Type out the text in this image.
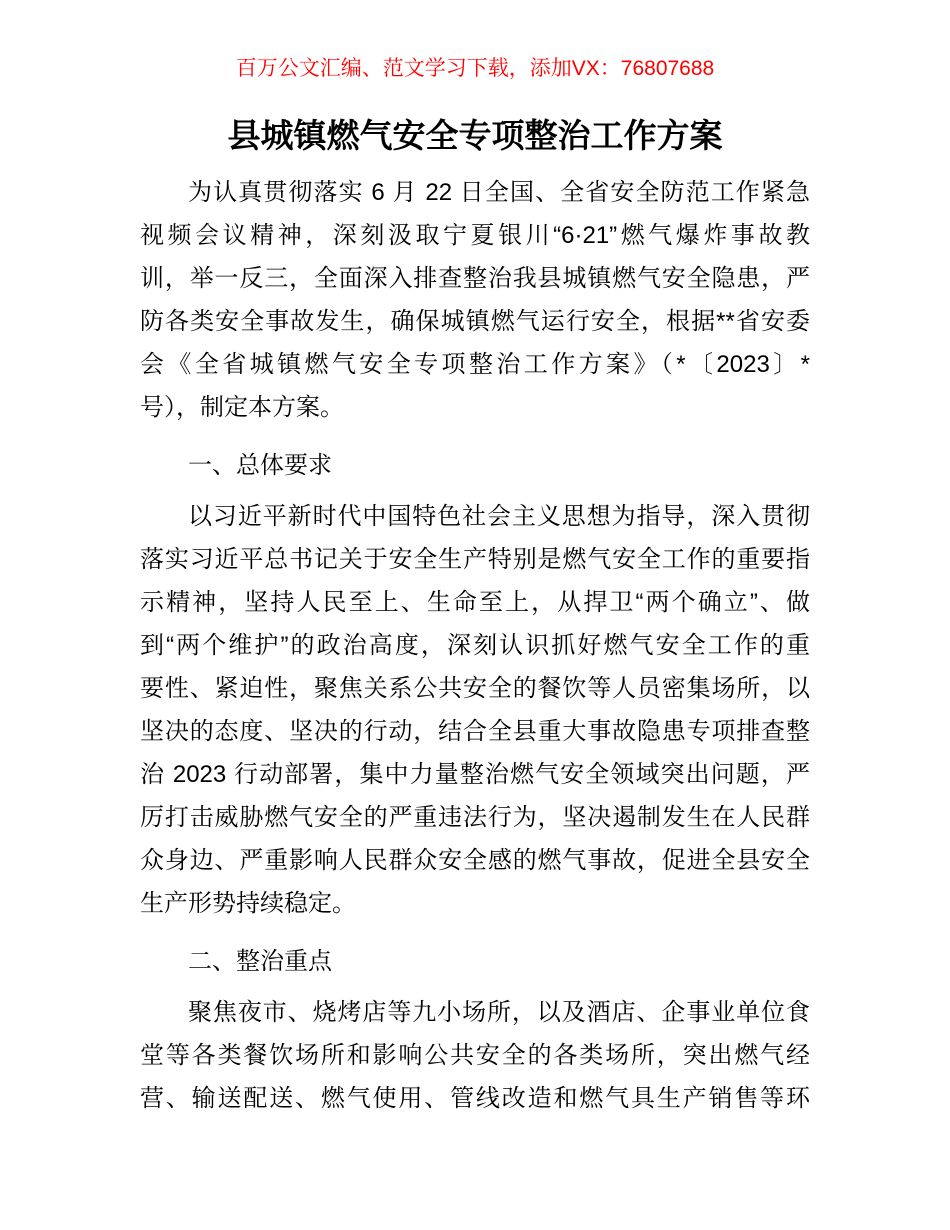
百万公文汇编、范文学习下载，添加VX：76807688
县城镇燃气安全专项整治工作方案
为认真贯彻落实 6 月 22 日全国、全省安全防范工作紧急
视频会议精神，深刻汲取宁夏银川“6·21”燃气爆炸事故教
训，举一反三，全面深入排查整治我县城镇燃气安全隐患，严
防各类安全事故发生，确保城镇燃气运行安全，根据**省安委
会《全省城镇燃气安全专项整治工作方案》（*〔2023〕*
号），制定本方案。
一、总体要求
以习近平新时代中国特色社会主义思想为指导，深入贯彻
落实习近平总书记关于安全生产特别是燃气安全工作的重要指
示精神，坚持人民至上、生命至上，从捍卫“两个确立”、做
到“两个维护”的政治高度，深刻认识抓好燃气安全工作的重
要性、紧迫性，聚焦关系公共安全的餐饮等人员密集场所，以
坚决的态度、坚决的行动，结合全县重大事故隐患专项排查整
治 2023 行动部署，集中力量整治燃气安全领域突出问题，严
厉打击威胁燃气安全的严重违法行为，坚决遏制发生在人民群
众身边、严重影响人民群众安全感的燃气事故，促进全县安全
生产形势持续稳定。
二、整治重点
聚焦夜市、烧烤店等九小场所，以及酒店、企事业单位食
堂等各类餐饮场所和影响公共安全的各类场所，突出燃气经
营、输送配送、燃气使用、管线改造和燃气具生产销售等环
